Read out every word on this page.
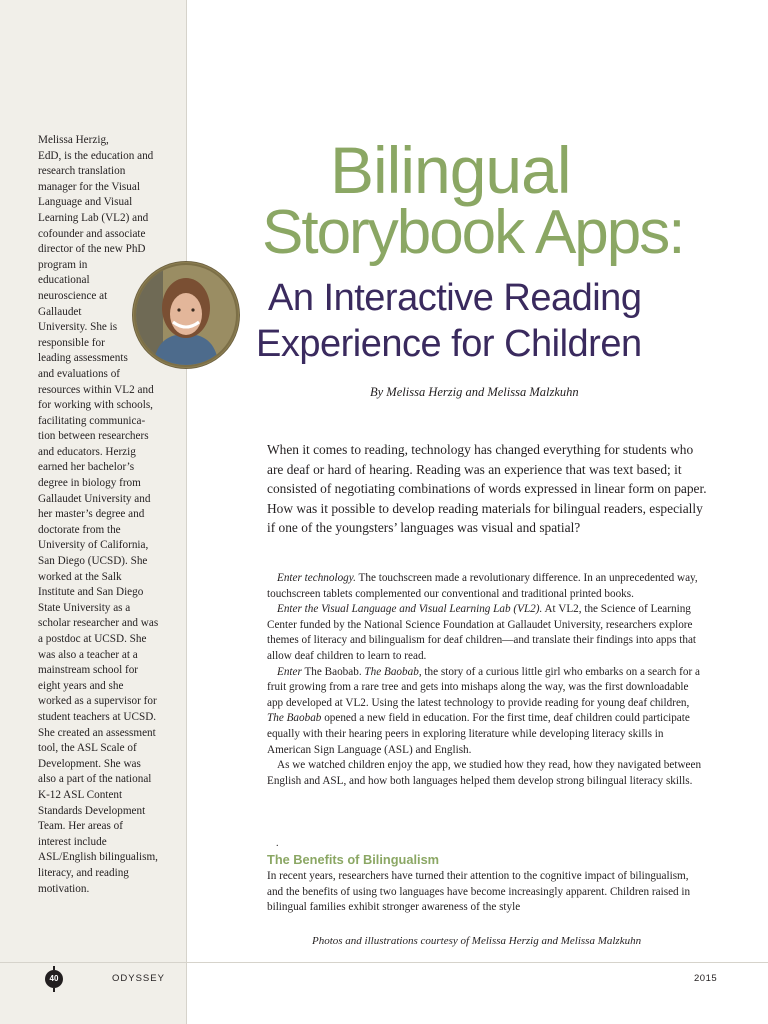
Melissa Herzig,
EdD, is the education and
research translation
manager for the Visual
Language and Visual
Learning Lab (VL2) and
cofounder and associate
director of the new PhD
program in
educational
neuroscience at
Gallaudet
University. She is
responsible for
leading assessments
and evaluations of
resources within VL2 and
for working with schools,
facilitating communica-
tion between researchers
and educators. Herzig
earned her bachelor’s
degree in biology from
Gallaudet University and
her master’s degree and
doctorate from the
University of California,
San Diego (UCSD). She
worked at the Salk
Institute and San Diego
State University as a
scholar researcher and was
a postdoc at UCSD. She
was also a teacher at a
mainstream school for
eight years and she
worked as a supervisor for
student teachers at UCSD.
She created an assessment
tool, the ASL Scale of
Development. She was
also a part of the national
K-12 ASL Content
Standards Development
Team. Her areas of
interest include
ASL/English bilingualism,
literacy, and reading
motivation.
Bilingual
Storybook Apps:
An Interactive Reading
Experience for Children
By Melissa Herzig and Melissa Malzkuhn
When it comes to reading, technology has changed everything for students who are deaf or hard of hearing. Reading was an experience that was text based; it consisted of negotiating combinations of words expressed in linear form on paper. How was it possible to develop reading materials for bilingual readers, especially if one of the youngsters’ languages was visual and spatial?

Enter technology. The touchscreen made a revolutionary difference. In an unprecedented way, touchscreen tablets complemented our conventional and traditional printed books.

Enter the Visual Language and Visual Learning Lab (VL2). At VL2, the Science of Learning Center funded by the National Science Foundation at Gallaudet University, researchers explore themes of literacy and bilingualism for deaf children—and translate their findings into apps that allow deaf children to learn to read.

Enter The Baobab. The Baobab, the story of a curious little girl who embarks on a search for a fruit growing from a rare tree and gets into mishaps along the way, was the first downloadable app developed at VL2. Using the latest technology to provide reading for young deaf children, The Baobab opened a new field in education. For the first time, deaf children could participate equally with their hearing peers in exploring literature while developing literacy skills in American Sign Language (ASL) and English.

As we watched children enjoy the app, we studied how they read, how they navigated between English and ASL, and how both languages helped them develop strong bilingual literacy skills.

.
The Benefits of Bilingualism
In recent years, researchers have turned their attention to the cognitive impact of bilingualism, and the benefits of using two languages have become increasingly apparent. Children raised in bilingual families exhibit stronger awareness of the style
Photos and illustrations courtesy of Melissa Herzig and Melissa Malzkuhn
40	ODYSSEY	2015
